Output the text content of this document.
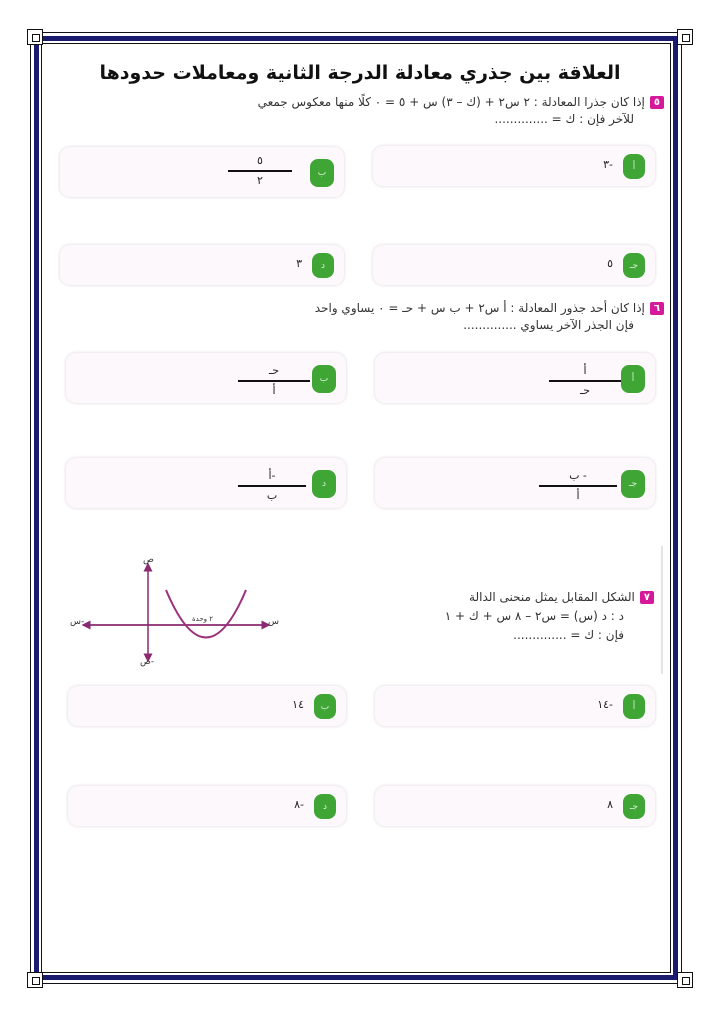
العلاقة بين جذري معادلة الدرجة الثانية ومعاملات حدودها
٥إذا كان جذرا المعادلة : ٢ س٢ + (ك – ٣) س + ٥ = ٠ كلًا منها معكوس جمعي
للآخر فإن : ك = ..............
أ
-٣
ب
٥
٢
جـ
٥
د
٣
٦إذا كان أحد جذور المعادلة : أ س٢ + ب س + حـ = ٠ يساوي واحد
فإن الجذر الآخر يساوي ..............
أ
أ
حـ
ب
حـ
أ
جـ
- ب
أ
د
-أ
ب
٧الشكل المقابل يمثل منحنى الدالة
د : د (س) = س٢ – ٨ س + ك + ١
فإن : ك = ..............
ص
ص-
س
س-	٢ وحدة
ب
١٤	أ
-١٤
د
-٨	جـ
٨
